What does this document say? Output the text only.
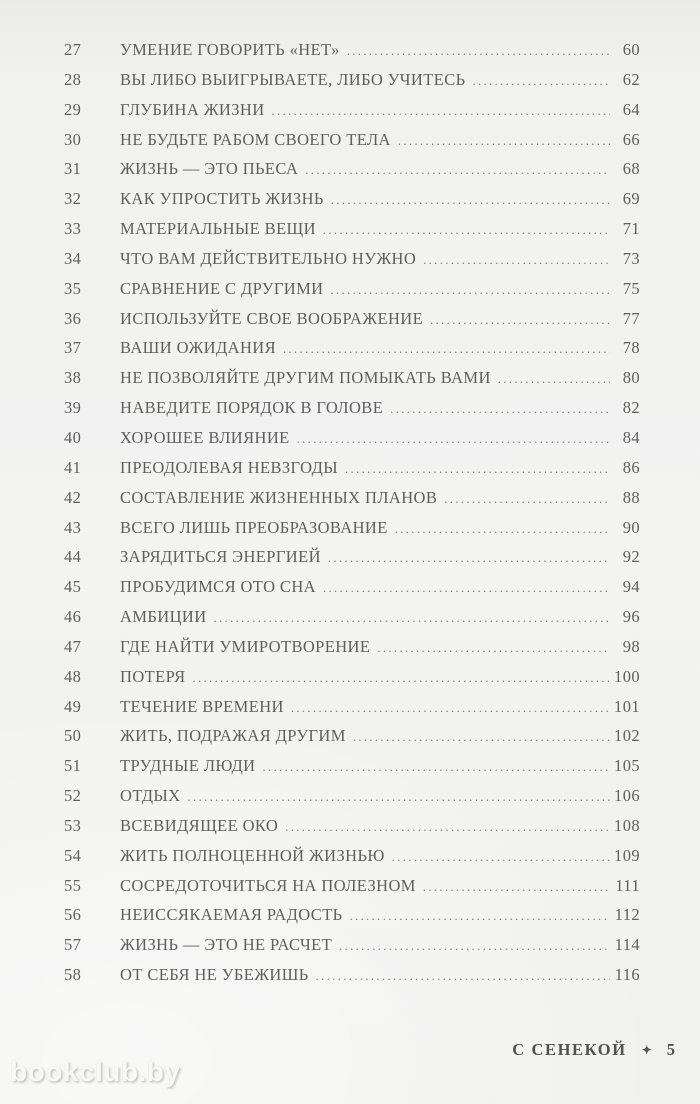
27	УМЕНИЕ ГОВОРИТЬ «НЕТ» .....	60
28	ВЫ ЛИБО ВЫИГРЫВАЕТЕ, ЛИБО УЧИТЕСЬ .....	62
29	ГЛУБИНА ЖИЗНИ .....	64
30	НЕ БУДЬТЕ РАБОМ СВОЕГО ТЕЛА .....	66
31	ЖИЗНЬ — ЭТО ПЬЕСА .....	68
32	КАК УПРОСТИТЬ ЖИЗНЬ .....	69
33	МАТЕРИАЛЬНЫЕ ВЕЩИ .....	71
34	ЧТО ВАМ ДЕЙСТВИТЕЛЬНО НУЖНО .....	73
35	СРАВНЕНИЕ С ДРУГИМИ .....	75
36	ИСПОЛЬЗУЙТЕ СВОЕ ВООБРАЖЕНИЕ .....	77
37	ВАШИ ОЖИДАНИЯ .....	78
38	НЕ ПОЗВОЛЯЙТЕ ДРУГИМ ПОМЫКАТЬ ВАМИ .....	80
39	НАВЕДИТЕ ПОРЯДОК В ГОЛОВЕ .....	82
40	ХОРОШЕЕ ВЛИЯНИЕ .....	84
41	ПРЕОДОЛЕВАЯ НЕВЗГОДЫ .....	86
42	СОСТАВЛЕНИЕ ЖИЗНЕННЫХ ПЛАНОВ .....	88
43	ВСЕГО ЛИШЬ ПРЕОБРАЗОВАНИЕ .....	90
44	ЗАРЯДИТЬСЯ ЭНЕРГИЕЙ .....	92
45	ПРОБУДИМСЯ ОТО СНА .....	94
46	АМБИЦИИ .....	96
47	ГДЕ НАЙТИ УМИРОТВОРЕНИЕ .....	98
48	ПОТЕРЯ .....	100
49	ТЕЧЕНИЕ ВРЕМЕНИ .....	101
50	ЖИТЬ, ПОДРАЖАЯ ДРУГИМ .....	102
51	ТРУДНЫЕ ЛЮДИ .....	105
52	ОТДЫХ .....	106
53	ВСЕВИДЯЩЕЕ ОКО .....	108
54	ЖИТЬ ПОЛНОЦЕННОЙ ЖИЗНЬЮ .....	109
55	СОСРЕДОТОЧИТЬСЯ НА ПОЛЕЗНОМ .....	111
56	НЕИССЯКАЕМАЯ РАДОСТЬ .....	112
57	ЖИЗНЬ — ЭТО НЕ РАСЧЕТ .....	114
58	ОТ СЕБЯ НЕ УБЕЖИШЬ .....	116
С СЕНЕКОЙ ✦ 5
bookclub.by
